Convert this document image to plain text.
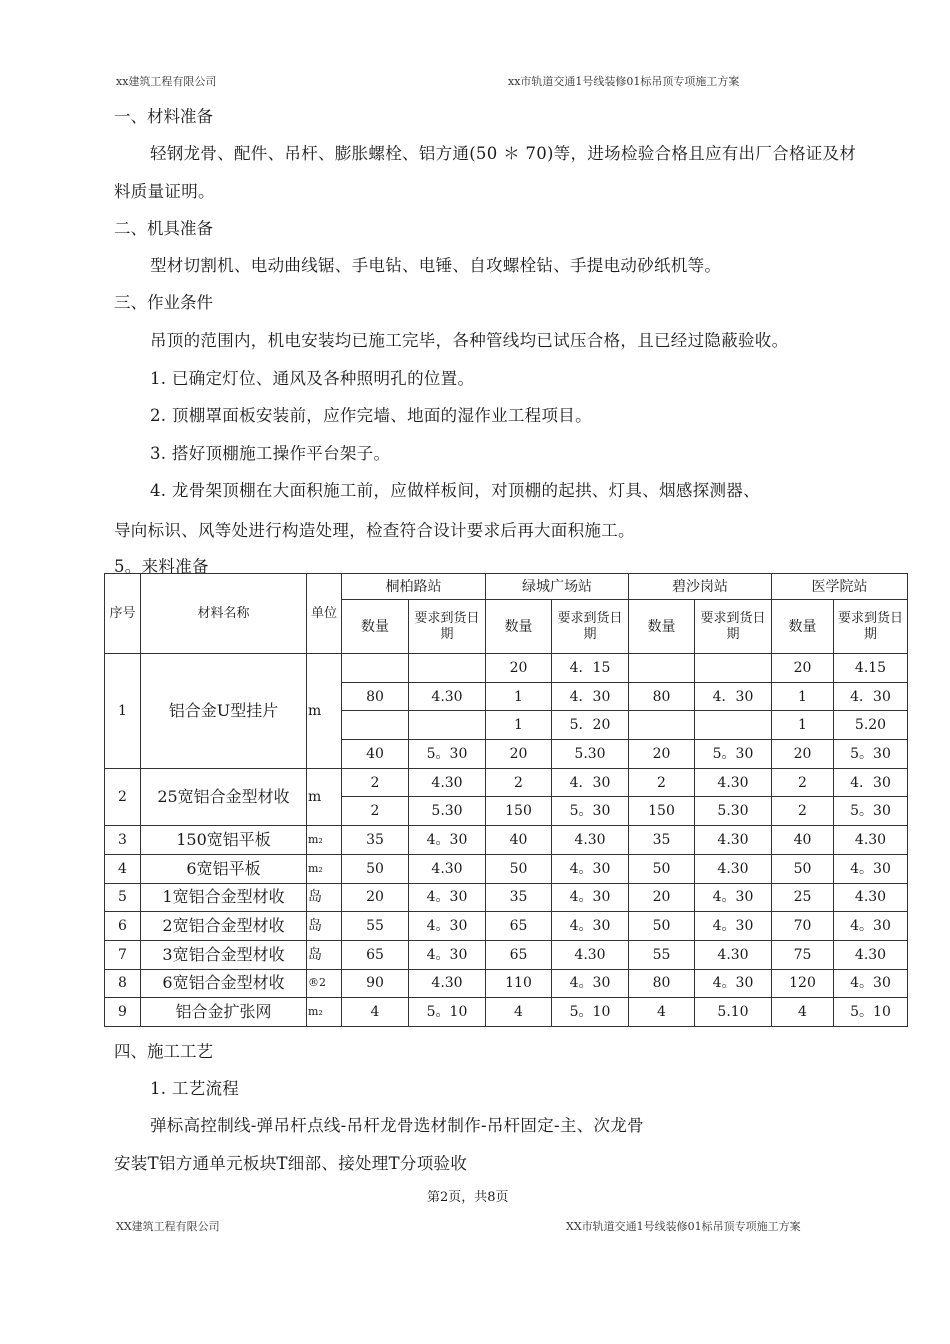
xx建筑工程有限公司	xx市轨道交通1号线装修01标吊顶专项施工方案
一、材料准备
轻钢龙骨、配件、吊杆、膨胀螺栓、铝方通(50 ＊ 70)等，进场检验合格且应有出厂合格证及材
料质量证明。
二、机具准备
型材切割机、电动曲线锯、手电钻、电锤、自攻螺栓钻、手提电动砂纸机等。
三、作业条件
吊顶的范围内，机电安装均已施工完毕，各种管线均已试压合格，且已经过隐蔽验收。
1. 已确定灯位、通风及各种照明孔的位置。
2. 顶棚罩面板安装前，应作完墙、地面的湿作业工程项目。
3. 搭好顶棚施工操作平台架子。
4. 龙骨架顶棚在大面积施工前，应做样板间，对顶棚的起拱、灯具、烟感探测器、
导向标识、风等处进行构造处理，检查符合设计要求后再大面积施工。
5。来料准备
序号	材料名称	单位	桐柏路站		绿城广场站		碧沙岗站		医学院站	
			数量	要求到货日期	数量	要求到货日期	数量	要求到货日期	数量	要求到货日期
1	铝合金U型挂片	m			20	4．15			20	4.15
			80	4.30	1	4．30	80	4．30	1	4．30
					1	5．20			1	5.20
			40	5。30	20	5.30	20	5。30	20	5。30
2	25宽铝合金型材收	m	2	4.30	2	4．30	2	4.30	2	4．30
			2	5.30	150	5。30	150	5.30	2	5。30
3	150宽铝平板	m₂	35	4。30	40	4.30	35	4.30	40	4.30
4	6宽铝平板	m₂	50	4.30	50	4。30	50	4.30	50	4。30
5	1宽铝合金型材收	岛	20	4。30	35	4。30	20	4。30	25	4.30
6	2宽铝合金型材收	岛	55	4。30	65	4。30	50	4。30	70	4。30
7	3宽铝合金型材收	岛	65	4。30	65	4.30	55	4.30	75	4.30
8	6宽铝合金型材收	®2	90	4.30	110	4。30	80	4。30	120	4。30
9	铝合金扩张网	m₂	4	5。10	4	5。10	4	5.10	4	5。10
四、施工工艺
1. 工艺流程
弹标高控制线-弹吊杆点线-吊杆龙骨选材制作-吊杆固定-主、次龙骨
安装T铝方通单元板块T细部、接处理T分项验收
第2页，共8页
XX建筑工程有限公司	XX市轨道交通1号线装修01标吊顶专项施工方案
